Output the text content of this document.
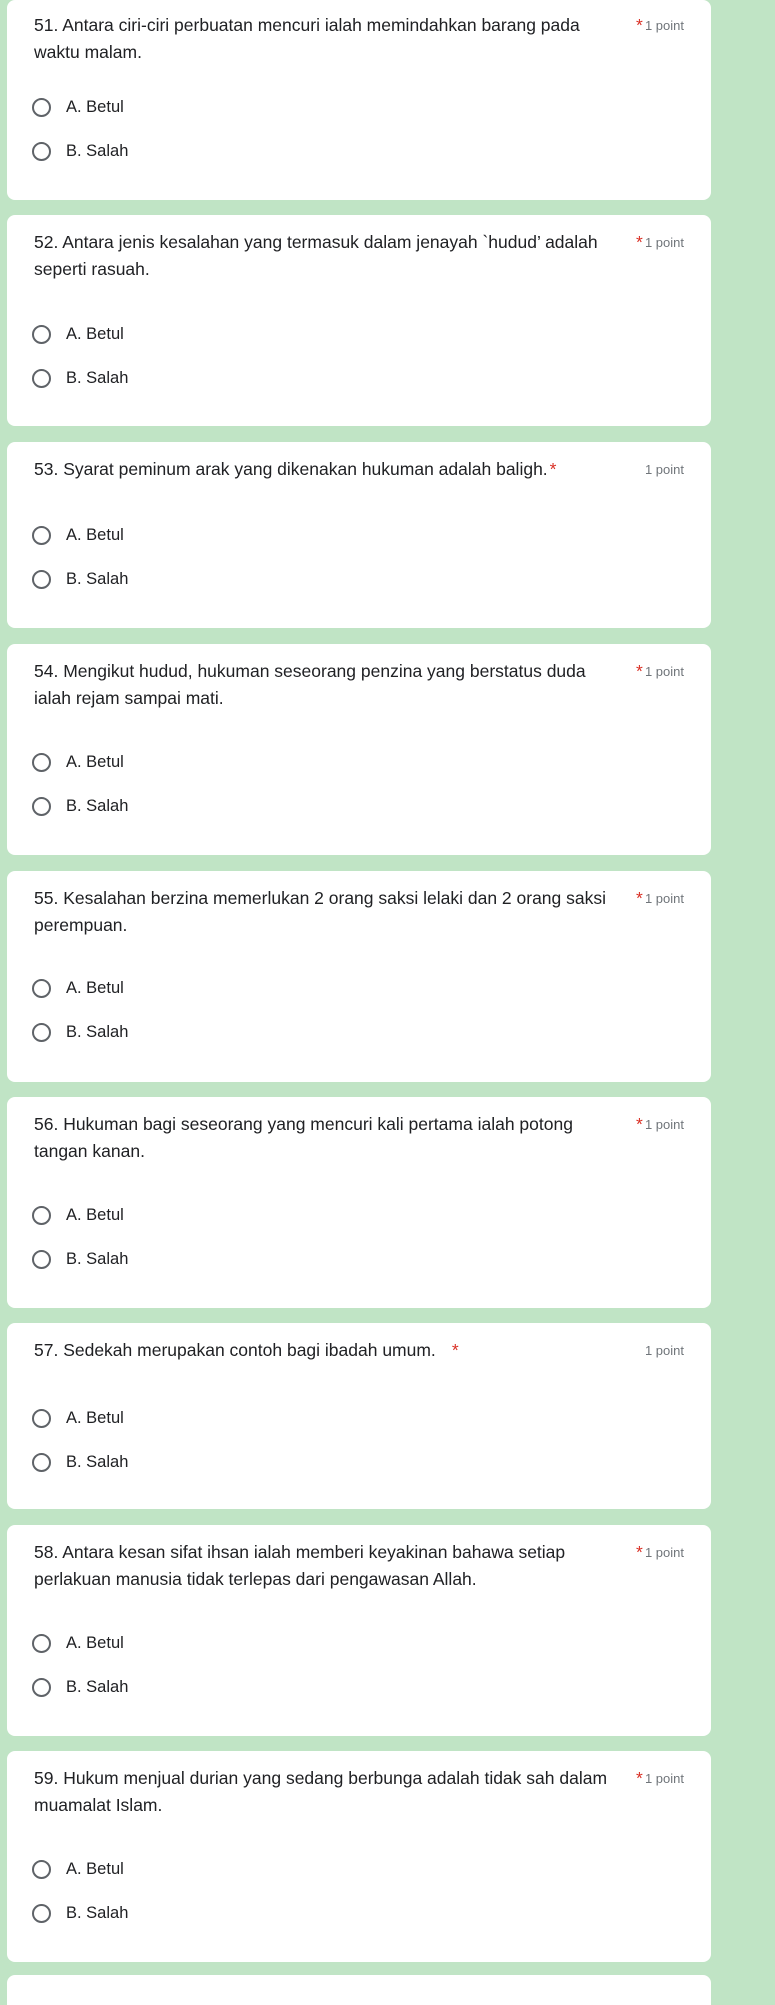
51. Antara ciri-ciri perbuatan mencuri ialah memindahkan barang pada waktu malam.
* 1 point
A. Betul
B. Salah
52. Antara jenis kesalahan yang termasuk dalam jenayah `hudud’ adalah seperti rasuah.
* 1 point
A. Betul
B. Salah
53. Syarat peminum arak yang dikenakan hukuman adalah baligh. *	1 point
A. Betul
B. Salah
54. Mengikut hudud, hukuman seseorang penzina yang berstatus duda ialah rejam sampai mati.
* 1 point
A. Betul
B. Salah
55. Kesalahan berzina memerlukan 2 orang saksi lelaki dan 2 orang saksi perempuan.
* 1 point
A. Betul
B. Salah
56. Hukuman bagi seseorang yang mencuri kali pertama ialah potong tangan kanan.
* 1 point
A. Betul
B. Salah
57. Sedekah merupakan contoh bagi ibadah umum. *	1 point
A. Betul
B. Salah
58. Antara kesan sifat ihsan ialah memberi keyakinan bahawa setiap perlakuan manusia tidak terlepas dari pengawasan Allah.
* 1 point
A. Betul
B. Salah
59. Hukum menjual durian yang sedang berbunga adalah tidak sah dalam muamalat Islam.
* 1 point
A. Betul
B. Salah
